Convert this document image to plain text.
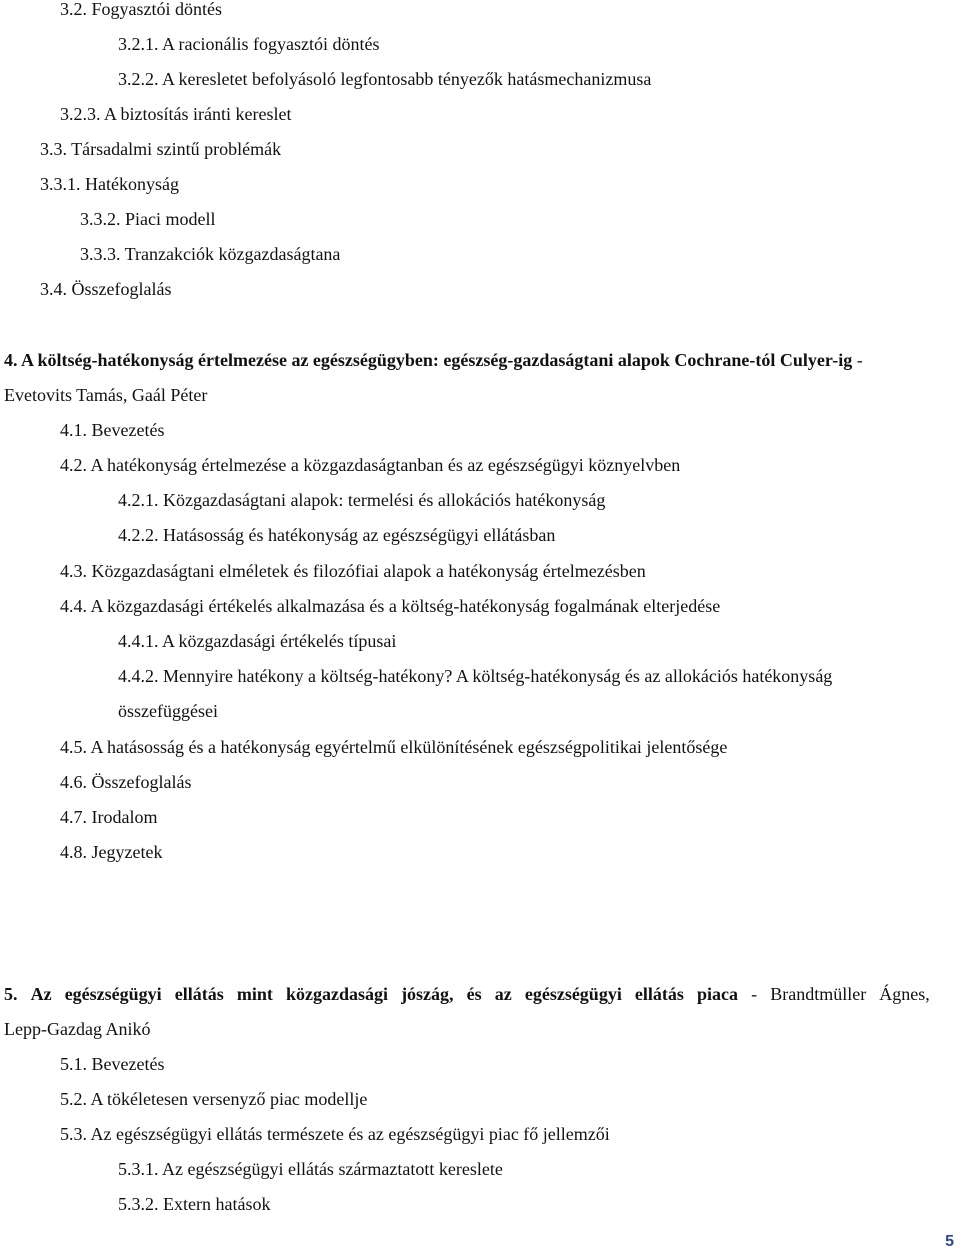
3.2. Fogyasztói döntés
3.2.1. A racionális fogyasztói döntés
3.2.2. A keresletet befolyásoló legfontosabb tényezők hatásmechanizmusa
3.2.3. A biztosítás iránti kereslet
3.3. Társadalmi szintű problémák
3.3.1. Hatékonyság
3.3.2. Piaci modell
3.3.3. Tranzakciók közgazdaságtana
3.4. Összefoglalás
4. A költség-hatékonyság értelmezése az egészségügyben: egészség-gazdaságtani alapok Cochrane-tól Culyer-ig -
Evetovits Tamás, Gaál Péter
4.1. Bevezetés
4.2. A hatékonyság értelmezése a közgazdaságtanban és az egészségügyi köznyelvben
4.2.1. Közgazdaságtani alapok: termelési és allokációs hatékonyság
4.2.2. Hatásosság és hatékonyság az egészségügyi ellátásban
4.3. Közgazdaságtani elméletek és filozófiai alapok a hatékonyság értelmezésben
4.4. A közgazdasági értékelés alkalmazása és a költség-hatékonyság fogalmának elterjedése
4.4.1. A közgazdasági értékelés típusai
4.4.2. Mennyire hatékony a költség-hatékony? A költség-hatékonyság és az allokációs hatékonyság
összefüggései
4.5. A hatásosság és a hatékonyság egyértelmű elkülönítésének egészségpolitikai jelentősége
4.6. Összefoglalás
4.7. Irodalom
4.8. Jegyzetek
5. Az egészségügyi ellátás mint közgazdasági jószág, és az egészségügyi ellátás piaca - Brandtmüller Ágnes,
Lepp-Gazdag Anikó
5.1. Bevezetés
5.2. A tökéletesen versenyző piac modellje
5.3. Az egészségügyi ellátás természete és az egészségügyi piac fő jellemzői
5.3.1. Az egészségügyi ellátás származtatott kereslete
5.3.2. Extern hatások
5
